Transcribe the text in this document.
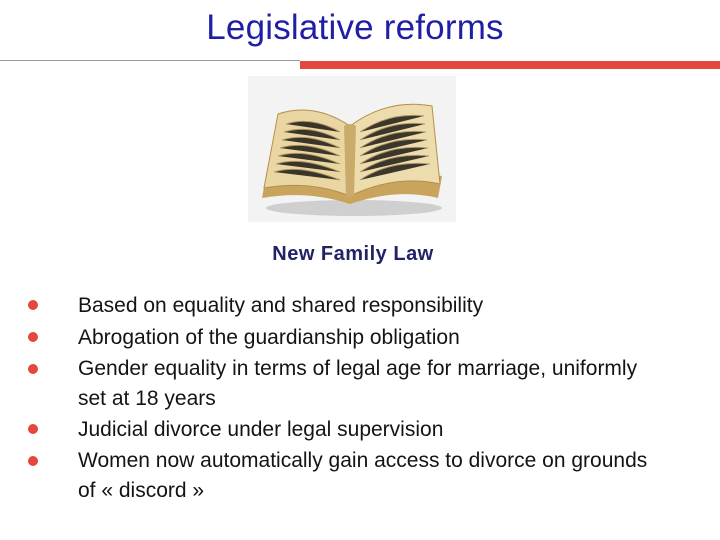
Legislative reforms
New Family Law
Based on equality and shared responsibility
Abrogation of the guardianship obligation
Gender equality in terms of legal age for marriage, uniformly set at 18 years
Judicial divorce under legal supervision
Women now automatically gain access to divorce on grounds of « discord »
